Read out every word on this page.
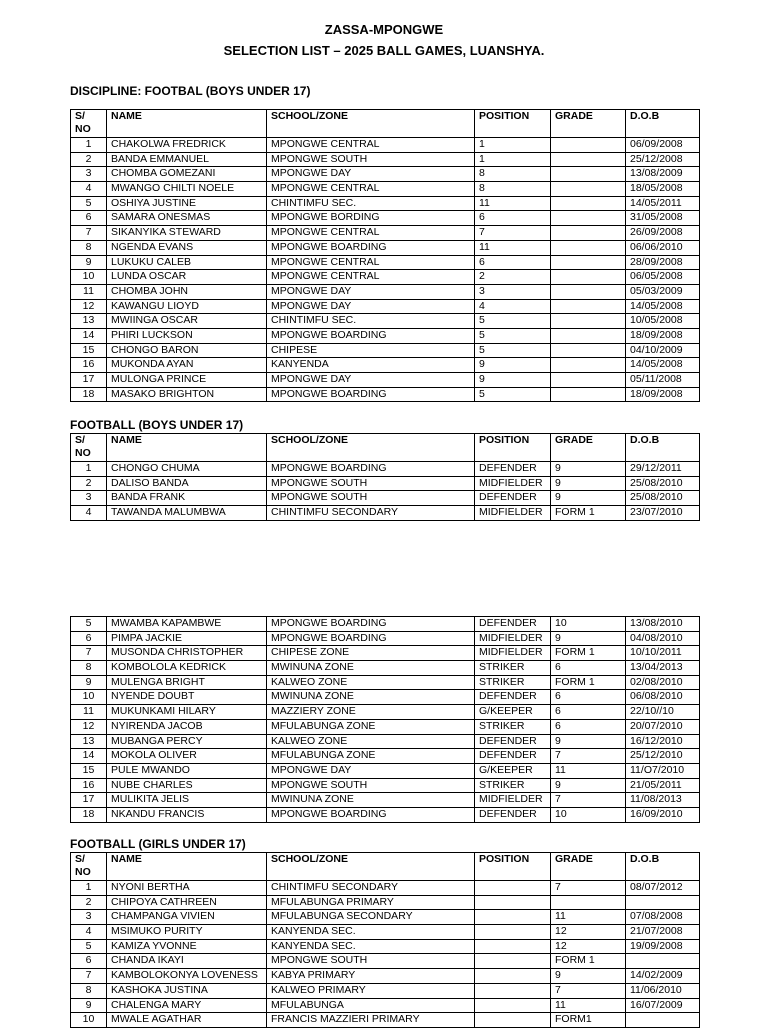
ZASSA-MPONGWE
SELECTION LIST – 2025 BALL GAMES, LUANSHYA.
DISCIPLINE: FOOTBAL (BOYS UNDER 17)
S/
NO	NAME	SCHOOL/ZONE	POSITION	GRADE	D.O.B
1	CHAKOLWA FREDRICK	MPONGWE CENTRAL	1		06/09/2008
2	BANDA EMMANUEL	MPONGWE SOUTH	1		25/12/2008
3	CHOMBA GOMEZANI	MPONGWE DAY	8		13/08/2009
4	MWANGO CHILTI NOELE	MPONGWE CENTRAL	8		18/05/2008
5	OSHIYA JUSTINE	CHINTIMFU SEC.	11		14/05/2011
6	SAMARA ONESMAS	MPONGWE BORDING	6		31/05/2008
7	SIKANYIKA STEWARD	MPONGWE CENTRAL	7		26/09/2008
8	NGENDA EVANS	MPONGWE BOARDING	11		06/06/2010
9	LUKUKU CALEB	MPONGWE CENTRAL	6		28/09/2008
10	LUNDA OSCAR	MPONGWE CENTRAL	2		06/05/2008
11	CHOMBA JOHN	MPONGWE DAY	3		05/03/2009
12	KAWANGU LIOYD	MPONGWE DAY	4		14/05/2008
13	MWIINGA OSCAR	CHINTIMFU SEC.	5		10/05/2008
14	PHIRI LUCKSON	MPONGWE BOARDING	5		18/09/2008
15	CHONGO BARON	CHIPESE	5		04/10/2009
16	MUKONDA AYAN	KANYENDA	9		14/05/2008
17	MULONGA PRINCE	MPONGWE DAY	9		05/11/2008
18	MASAKO BRIGHTON	MPONGWE BOARDING	5		18/09/2008
FOOTBALL (BOYS UNDER 17)
S/
NO	NAME	SCHOOL/ZONE	POSITION	GRADE	D.O.B
1	CHONGO CHUMA	MPONGWE BOARDING	DEFENDER	9	29/12/2011
2	DALISO BANDA	MPONGWE SOUTH	MIDFIELDER	9	25/08/2010
3	BANDA FRANK	MPONGWE SOUTH	DEFENDER	9	25/08/2010
4	TAWANDA MALUMBWA	CHINTIMFU SECONDARY	MIDFIELDER	FORM 1	23/07/2010
5	MWAMBA KAPAMBWE	MPONGWE BOARDING	DEFENDER	10	13/08/2010
6	PIMPA JACKIE	MPONGWE BOARDING	MIDFIELDER	9	04/08/2010
7	MUSONDA CHRISTOPHER	CHIPESE ZONE	MIDFIELDER	FORM 1	10/10/2011
8	KOMBOLOLA KEDRICK	MWINUNA ZONE	STRIKER	6	13/04/2013
9	MULENGA BRIGHT	KALWEO ZONE	STRIKER	FORM 1	02/08/2010
10	NYENDE DOUBT	MWINUNA ZONE	DEFENDER	6	06/08/2010
11	MUKUNKAMI HILARY	MAZZIERY ZONE	G/KEEPER	6	22/10//10
12	NYIRENDA JACOB	MFULABUNGA ZONE	STRIKER	6	20/07/2010
13	MUBANGA PERCY	KALWEO ZONE	DEFENDER	9	16/12/2010
14	MOKOLA OLIVER	MFULABUNGA ZONE	DEFENDER	7	25/12/2010
15	PULE MWANDO	MPONGWE DAY	G/KEEPER	11	11/O7/2010
16	NUBE CHARLES	MPONGWE SOUTH	STRIKER	9	21/05/2011
17	MULIKITA JELIS	MWINUNA ZONE	MIDFIELDER	7	11/08/2013
18	NKANDU FRANCIS	MPONGWE BOARDING	DEFENDER	10	16/09/2010
FOOTBALL (GIRLS UNDER 17)
S/
NO	NAME	SCHOOL/ZONE	POSITION	GRADE	D.O.B
1	NYONI BERTHA	CHINTIMFU SECONDARY		7	08/07/2012
2	CHIPOYA CATHREEN	MFULABUNGA PRIMARY			
3	CHAMPANGA VIVIEN	MFULABUNGA SECONDARY		11	07/08/2008
4	MSIMUKO PURITY	KANYENDA SEC.		12	21/07/2008
5	KAMIZA YVONNE	KANYENDA SEC.		12	19/09/2008
6	CHANDA IKAYI	MPONGWE SOUTH		FORM 1	
7	KAMBOLOKONYA LOVENESS	KABYA PRIMARY		9	14/02/2009
8	KASHOKA JUSTINA	KALWEO PRIMARY		7	11/06/2010
9	CHALENGA MARY	MFULABUNGA		11	16/07/2009
10	MWALE AGATHAR	FRANCIS MAZZIERI PRIMARY		FORM1	
